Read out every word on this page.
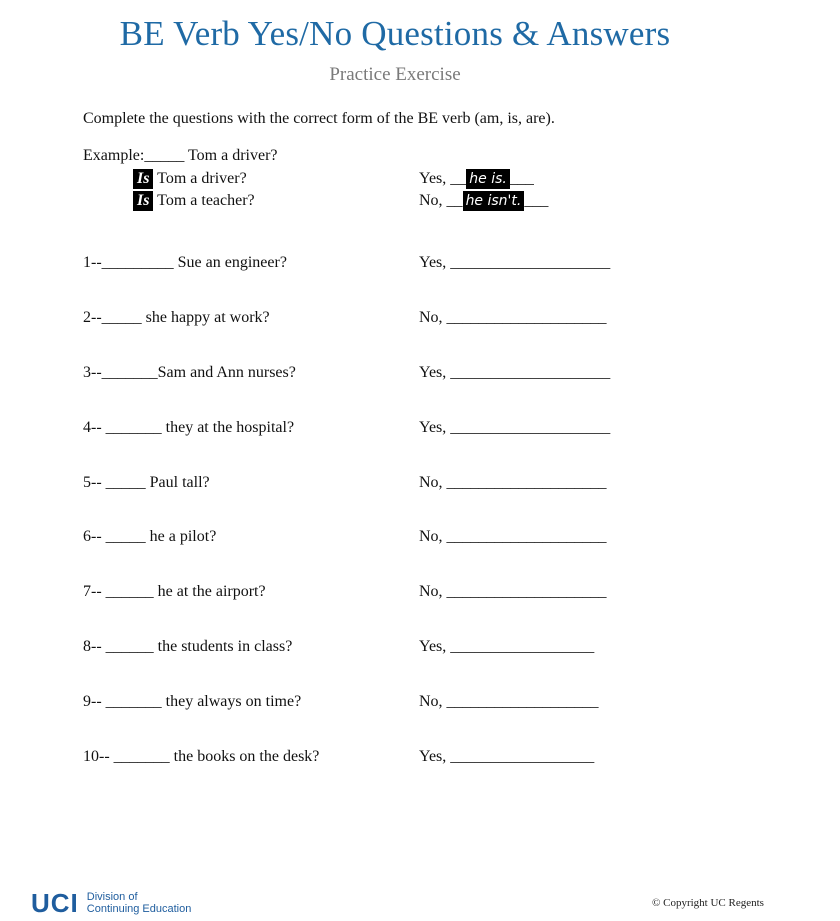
BE Verb Yes/No Questions & Answers
Practice Exercise
Complete the questions with the correct form of the BE verb (am, is, are).
Example:_____ Tom a driver?
Is Tom a driver?	Yes, __ he is. ___
Is Tom a teacher?	No, __ he isn't. ___
1--_________ Sue an engineer?	Yes, ____________________
2--_____ she happy at work?	No, ____________________
3--_______Sam and Ann nurses?	Yes, ____________________
4-- _______ they at the hospital?	Yes, ____________________
5-- _____ Paul tall?	No, ____________________
6-- _____ he a pilot?	No, ____________________
7-- ______ he at the airport?	No, ____________________
8-- ______ the students in class?	Yes, __________________
9-- _______ they always on time?	No, ___________________
10-- _______ the books on the desk?	Yes, __________________
UCI Division of
Continuing Education	© Copyright UC Regents
